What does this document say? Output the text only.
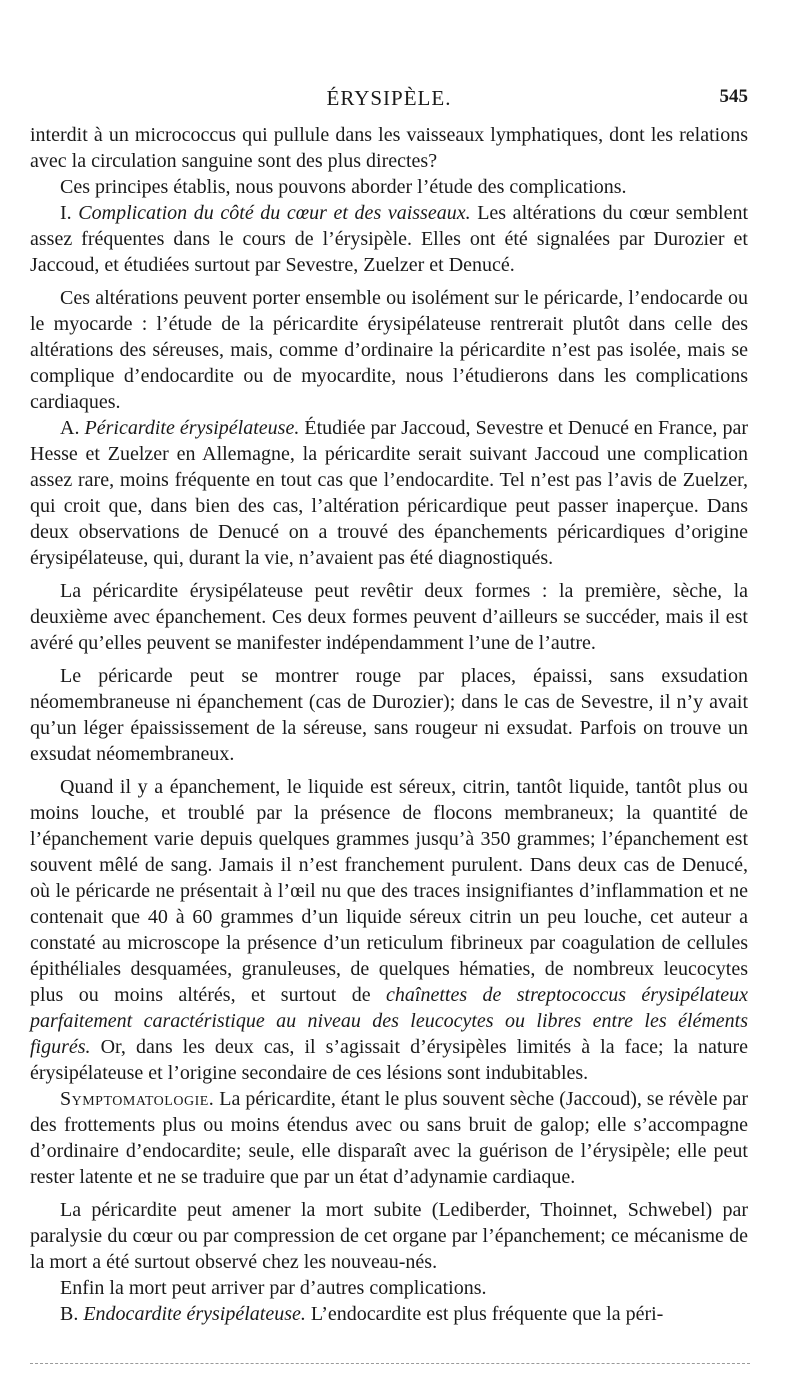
ÉRYSIPÈLE.	545

interdit à un micrococcus qui pullule dans les vaisseaux lymphatiques, dont les relations avec la circulation sanguine sont des plus directes?

Ces principes établis, nous pouvons aborder l’étude des complications.

I. Complication du côté du cœur et des vaisseaux. Les altérations du cœur semblent assez fréquentes dans le cours de l’érysipèle. Elles ont été signalées par Durozier et Jaccoud, et étudiées surtout par Sevestre, Zuelzer et Denucé.

Ces altérations peuvent porter ensemble ou isolément sur le péricarde, l’endocarde ou le myocarde : l’étude de la péricardite érysipélateuse rentrerait plutôt dans celle des altérations des séreuses, mais, comme d’ordinaire la péricardite n’est pas isolée, mais se complique d’endocardite ou de myocardite, nous l’étudierons dans les complications cardiaques.

A. Péricardite érysipélateuse. Étudiée par Jaccoud, Sevestre et Denucé en France, par Hesse et Zuelzer en Allemagne, la péricardite serait suivant Jaccoud une complication assez rare, moins fréquente en tout cas que l’endocardite. Tel n’est pas l’avis de Zuelzer, qui croit que, dans bien des cas, l’altération péricardique peut passer inaperçue. Dans deux observations de Denucé on a trouvé des épanchements péricardiques d’origine érysipélateuse, qui, durant la vie, n’avaient pas été diagnostiqués.

La péricardite érysipélateuse peut revêtir deux formes : la première, sèche, la deuxième avec épanchement. Ces deux formes peuvent d’ailleurs se succéder, mais il est avéré qu’elles peuvent se manifester indépendamment l’une de l’autre.

Le péricarde peut se montrer rouge par places, épaissi, sans exsudation néomembraneuse ni épanchement (cas de Durozier); dans le cas de Sevestre, il n’y avait qu’un léger épaississement de la séreuse, sans rougeur ni exsudat. Parfois on trouve un exsudat néomembraneux.

Quand il y a épanchement, le liquide est séreux, citrin, tantôt liquide, tantôt plus ou moins louche, et troublé par la présence de flocons membraneux; la quantité de l’épanchement varie depuis quelques grammes jusqu’à 350 grammes; l’épanchement est souvent mêlé de sang. Jamais il n’est franchement purulent. Dans deux cas de Denucé, où le péricarde ne présentait à l’œil nu que des traces insignifiantes d’inflammation et ne contenait que 40 à 60 grammes d’un liquide séreux citrin un peu louche, cet auteur a constaté au microscope la présence d’un reticulum fibrineux par coagulation de cellules épithéliales desquamées, granuleuses, de quelques hématies, de nombreux leucocytes plus ou moins altérés, et surtout de chaînettes de streptococcus érysipélateux parfaitement caractéristique au niveau des leucocytes ou libres entre les éléments figurés. Or, dans les deux cas, il s’agissait d’érysipèles limités à la face; la nature érysipélateuse et l’origine secondaire de ces lésions sont indubitables.

Symptomatologie. La péricardite, étant le plus souvent sèche (Jaccoud), se révèle par des frottements plus ou moins étendus avec ou sans bruit de galop; elle s’accompagne d’ordinaire d’endocardite; seule, elle disparaît avec la guérison de l’érysipèle; elle peut rester latente et ne se traduire que par un état d’adynamie cardiaque.

La péricardite peut amener la mort subite (Lediberder, Thoinnet, Schwebel) par paralysie du cœur ou par compression de cet organe par l’épanchement; ce mécanisme de la mort a été surtout observé chez les nouveau-nés.

Enfin la mort peut arriver par d’autres complications.

B. Endocardite érysipélateuse. L’endocardite est plus fréquente que la péri-
